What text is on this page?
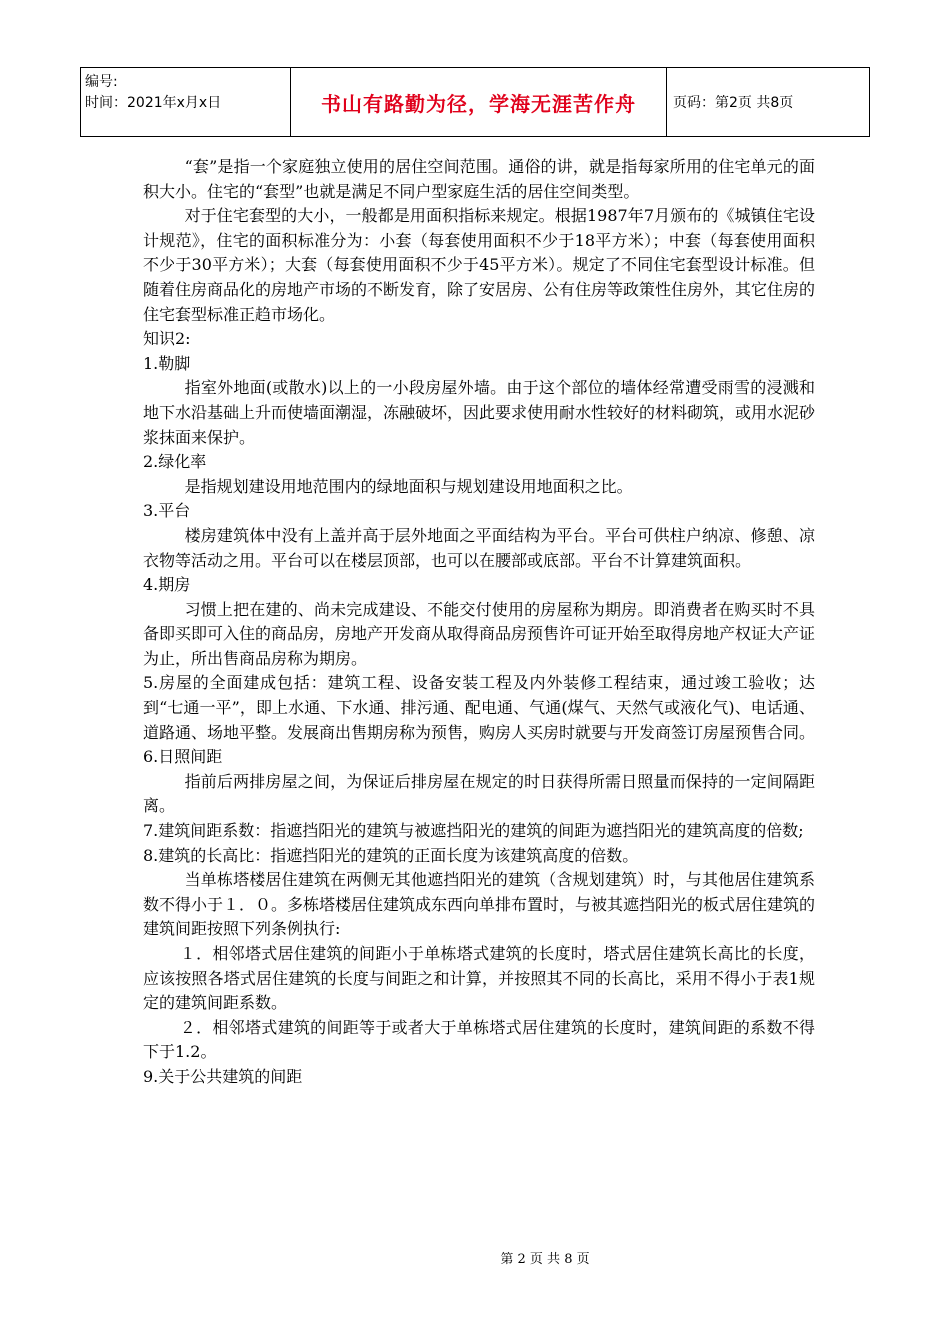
编号:
时间：2021年x月x日	书山有路勤为径，学海无涯苦作舟	页码：第2页 共8页

“套”是指一个家庭独立使用的居住空间范围。通俗的讲，就是指每家所用的住宅单元的面积大小。住宅的“套型”也就是满足不同户型家庭生活的居住空间类型。

对于住宅套型的大小，一般都是用面积指标来规定。根据1987年7月颁布的《城镇住宅设计规范》，住宅的面积标准分为：小套（每套使用面积不少于18平方米）；中套（每套使用面积不少于30平方米）；大套（每套使用面积不少于45平方米）。规定了不同住宅套型设计标准。但随着住房商品化的房地产市场的不断发育，除了安居房、公有住房等政策性住房外，其它住房的住宅套型标准正趋市场化。

知识2:

1.勒脚

指室外地面(或散水)以上的一小段房屋外墙。由于这个部位的墙体经常遭受雨雪的浸溅和地下水沿基础上升而使墙面潮湿，冻融破坏，因此要求使用耐水性较好的材料砌筑，或用水泥砂浆抹面来保护。

2.绿化率

是指规划建设用地范围内的绿地面积与规划建设用地面积之比。

3.平台

楼房建筑体中没有上盖并高于层外地面之平面结构为平台。平台可供柱户纳凉、修憩、凉衣物等活动之用。平台可以在楼层顶部，也可以在腰部或底部。平台不计算建筑面积。

4.期房

习惯上把在建的、尚未完成建设、不能交付使用的房屋称为期房。即消费者在购买时不具备即买即可入住的商品房，房地产开发商从取得商品房预售许可证开始至取得房地产权证大产证为止，所出售商品房称为期房。

5.房屋的全面建成包括：建筑工程、设备安装工程及内外装修工程结束，通过竣工验收；达到“七通一平”，即上水通、下水通、排污通、配电通、气通(煤气、天然气或液化气)、电话通、道路通、场地平整。发展商出售期房称为预售，购房人买房时就要与开发商签订房屋预售合同。

6.日照间距

指前后两排房屋之间，为保证后排房屋在规定的时日获得所需日照量而保持的一定间隔距离。

7.建筑间距系数：指遮挡阳光的建筑与被遮挡阳光的建筑的间距为遮挡阳光的建筑高度的倍数;

8.建筑的长高比：指遮挡阳光的建筑的正面长度为该建筑高度的倍数。

当单栋塔楼居住建筑在两侧无其他遮挡阳光的建筑（含规划建筑）时，与其他居住建筑系数不得小于１．０。多栋塔楼居住建筑成东西向单排布置时，与被其遮挡阳光的板式居住建筑的建筑间距按照下列条例执行:

１．相邻塔式居住建筑的间距小于单栋塔式建筑的长度时，塔式居住建筑长高比的长度，应该按照各塔式居住建筑的长度与间距之和计算，并按照其不同的长高比，采用不得小于表1规定的建筑间距系数。

２．相邻塔式建筑的间距等于或者大于单栋塔式居住建筑的长度时，建筑间距的系数不得下于1.2。

9.关于公共建筑的间距

第 2 页 共 8 页
